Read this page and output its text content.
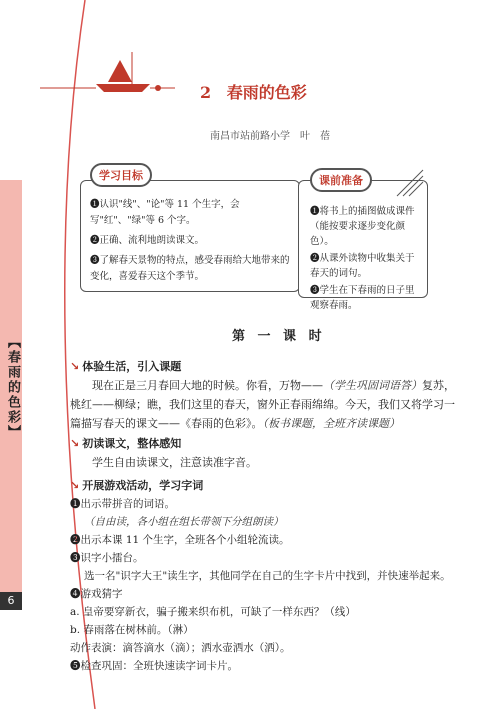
【春雨的色彩】
6
2 春雨的色彩
南昌市站前路小学　叶　蓓
学习目标

❶认识"线"、"论"等 11 个生字，会写"红"、"绿"等 6 个字。

❷正确、流利地朗读课文。

❸了解春天景物的特点，感受春雨给大地带来的变化，喜爱春天这个季节。

课前准备

❶将书上的插图做成课件（能按要求逐步变化颜色）。

❷从课外读物中收集关于春天的词句。

❸学生在下春雨的日子里观察春雨。

第 一 课 时
↘ 体验生活，引入课题

现在正是三月春回大地的时候。你看，万物——（学生巩固词语答）复苏，桃红——柳绿；瞧，我们这里的春天，窗外正春雨绵绵。今天，我们又将学习一篇描写春天的课文——《春雨的色彩》。（板书课题，全班齐读课题）

↘ 初读课文，整体感知

学生自由读课文，注意读准字音。

↘ 开展游戏活动，学习字词

❶出示带拼音的词语。

（自由读，各小组在组长带领下分组朗读）

❷出示本课 11 个生字，全班各个小组轮流读。

❸识字小擂台。

选一名"识字大王"读生字，其他同学在自己的生字卡片中找到，并快速举起来。

❹游戏猜字

a. 皇帝要穿新衣，骗子搬来织布机，可缺了一样东西？（线）

b. 春雨落在树林前。（淋）

动作表演：滴答滴水（滴）；洒水壶洒水（洒）。

❺检查巩固：全班快速读字词卡片。
